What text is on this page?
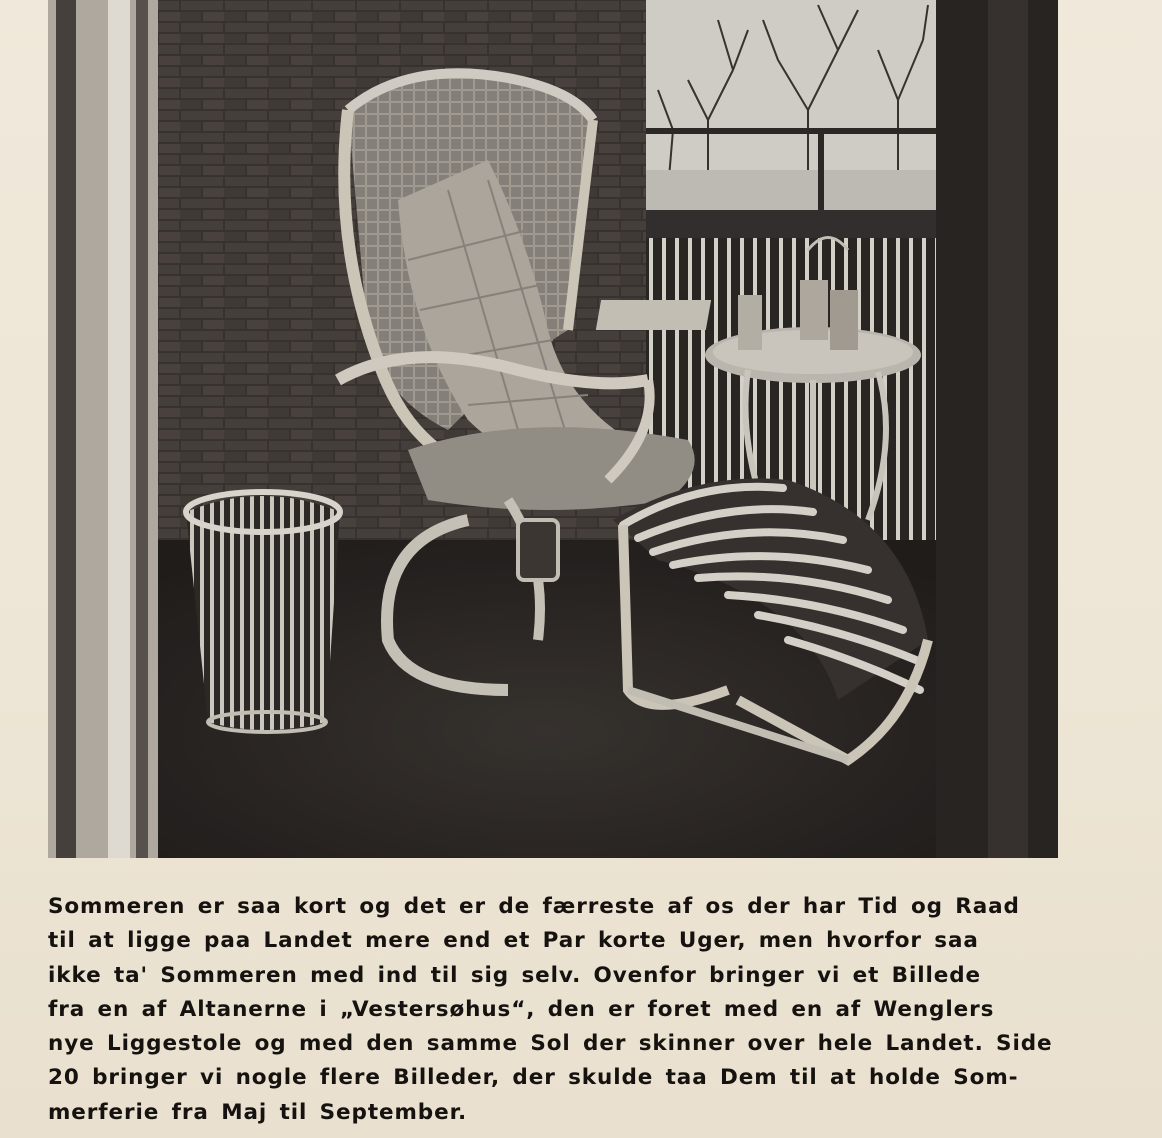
Sommeren er saa kort og det er de færreste af os der har Tid og Raad
til at ligge paa Landet mere end et Par korte Uger, men hvorfor saa
ikke ta' Sommeren med ind til sig selv. Ovenfor bringer vi et Billede
fra en af Altanerne i „Vestersøhus“, den er foret med en af Wenglers
nye Liggestole og med den samme Sol der skinner over hele Landet. Side
20 bringer vi nogle flere Billeder, der skulde taa Dem til at holde Som-
merferie fra Maj til September.
